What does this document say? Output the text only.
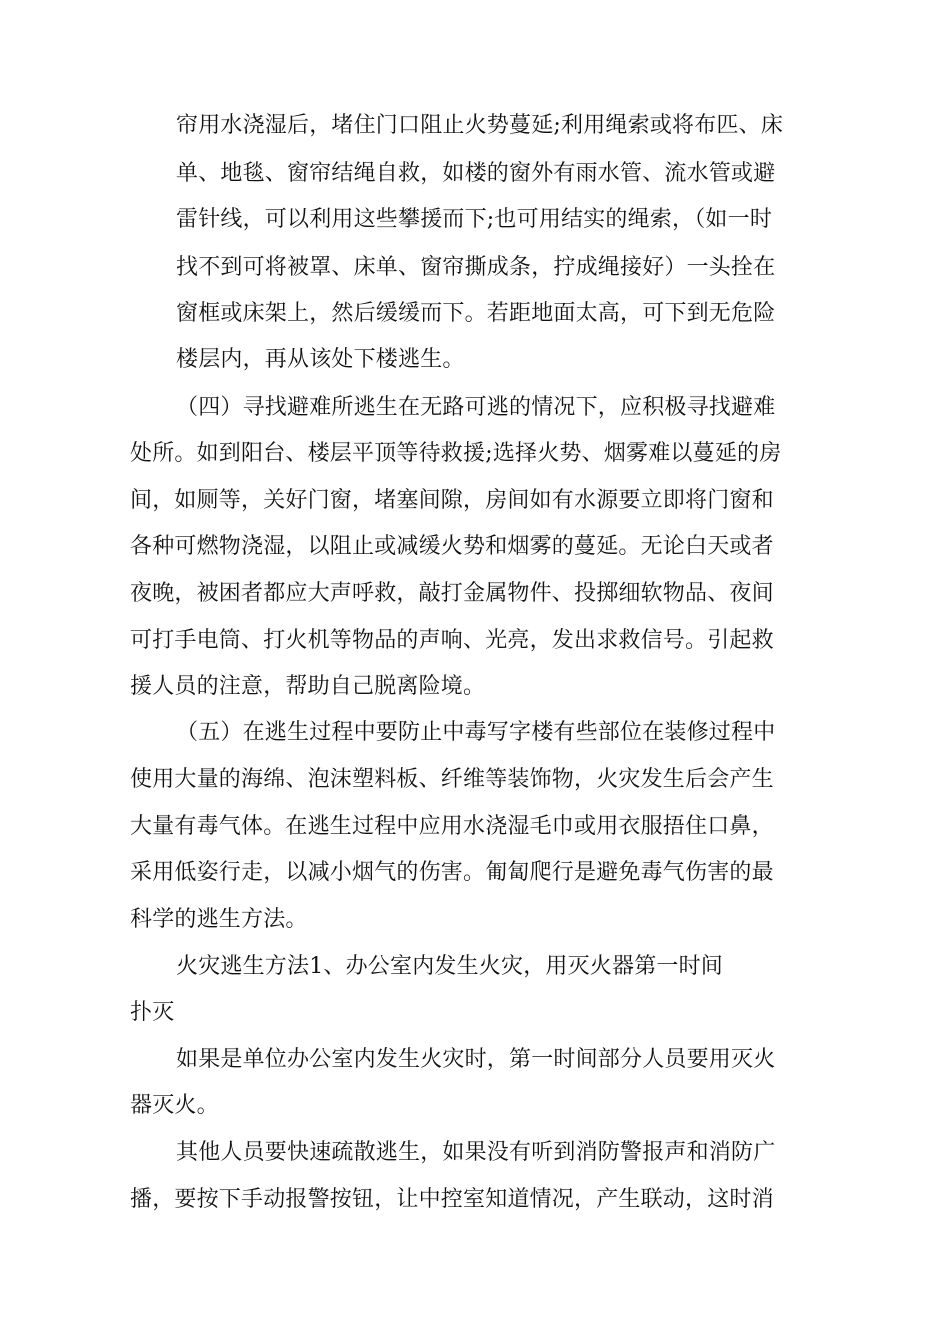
帘用水浇湿后，堵住门口阻止火势蔓延;利用绳索或将布匹、床
单、地毯、窗帘结绳自救，如楼的窗外有雨水管、流水管或避
雷针线，可以利用这些攀援而下;也可用结实的绳索，（如一时
找不到可将被罩、床单、窗帘撕成条，拧成绳接好）一头拴在
窗框或床架上，然后缓缓而下。若距地面太高，可下到无危险
楼层内，再从该处下楼逃生。
（四）寻找避难所逃生在无路可逃的情况下，应积极寻找避难
处所。如到阳台、楼层平顶等待救援;选择火势、烟雾难以蔓延的房
间，如厕等，关好门窗，堵塞间隙，房间如有水源要立即将门窗和
各种可燃物浇湿，以阻止或减缓火势和烟雾的蔓延。无论白天或者
夜晚，被困者都应大声呼救，敲打金属物件、投掷细软物品、夜间
可打手电筒、打火机等物品的声响、光亮，发出求救信号。引起救
援人员的注意，帮助自己脱离险境。
（五）在逃生过程中要防止中毒写字楼有些部位在装修过程中
使用大量的海绵、泡沫塑料板、纤维等装饰物，火灾发生后会产生
大量有毒气体。在逃生过程中应用水浇湿毛巾或用衣服捂住口鼻，
采用低姿行走，以减小烟气的伤害。匍匐爬行是避免毒气伤害的最
科学的逃生方法。
火灾逃生方法1、办公室内发生火灾，用灭火器第一时间
扑灭
如果是单位办公室内发生火灾时，第一时间部分人员要用灭火
器灭火。
其他人员要快速疏散逃生，如果没有听到消防警报声和消防广
播，要按下手动报警按钮，让中控室知道情况，产生联动，这时消
